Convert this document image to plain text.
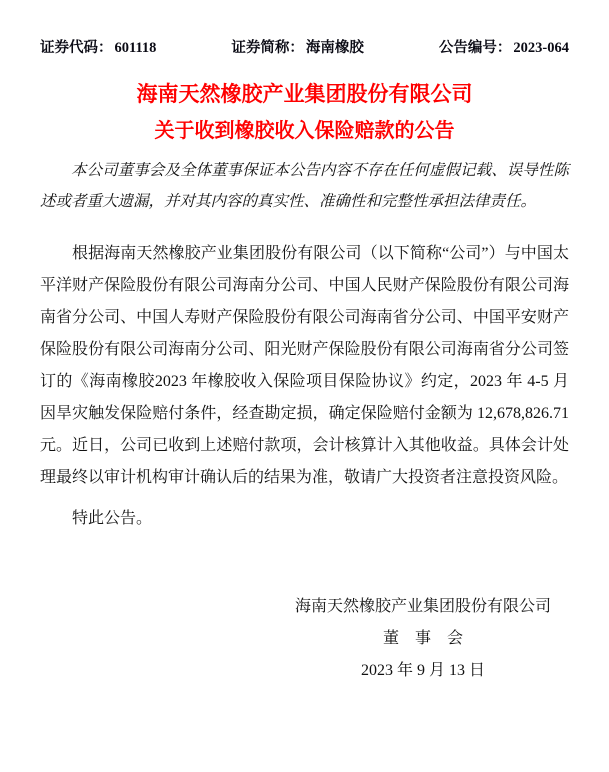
证券代码： 601118	证券简称： 海南橡胶	公告编号： 2023-064
海南天然橡胶产业集团股份有限公司
关于收到橡胶收入保险赔款的公告

本公司董事会及全体董事保证本公告内容不存在任何虚假记载、误导性陈述或者重大遗漏，并对其内容的真实性、准确性和完整性承担法律责任。

根据海南天然橡胶产业集团股份有限公司（以下简称“公司”）与中国太平洋财产保险股份有限公司海南分公司、中国人民财产保险股份有限公司海南省分公司、中国人寿财产保险股份有限公司海南省分公司、中国平安财产保险股份有限公司海南分公司、阳光财产保险股份有限公司海南省分公司签订的《海南橡胶2023 年橡胶收入保险项目保险协议》约定，2023 年 4-5 月因旱灾触发保险赔付条件，经查勘定损，确定保险赔付金额为 12,678,826.71 元。近日，公司已收到上述赔付款项，会计核算计入其他收益。具体会计处理最终以审计机构审计确认后的结果为准，敬请广大投资者注意投资风险。

特此公告。

海南天然橡胶产业集团股份有限公司
董　事　会
2023 年 9 月 13 日
